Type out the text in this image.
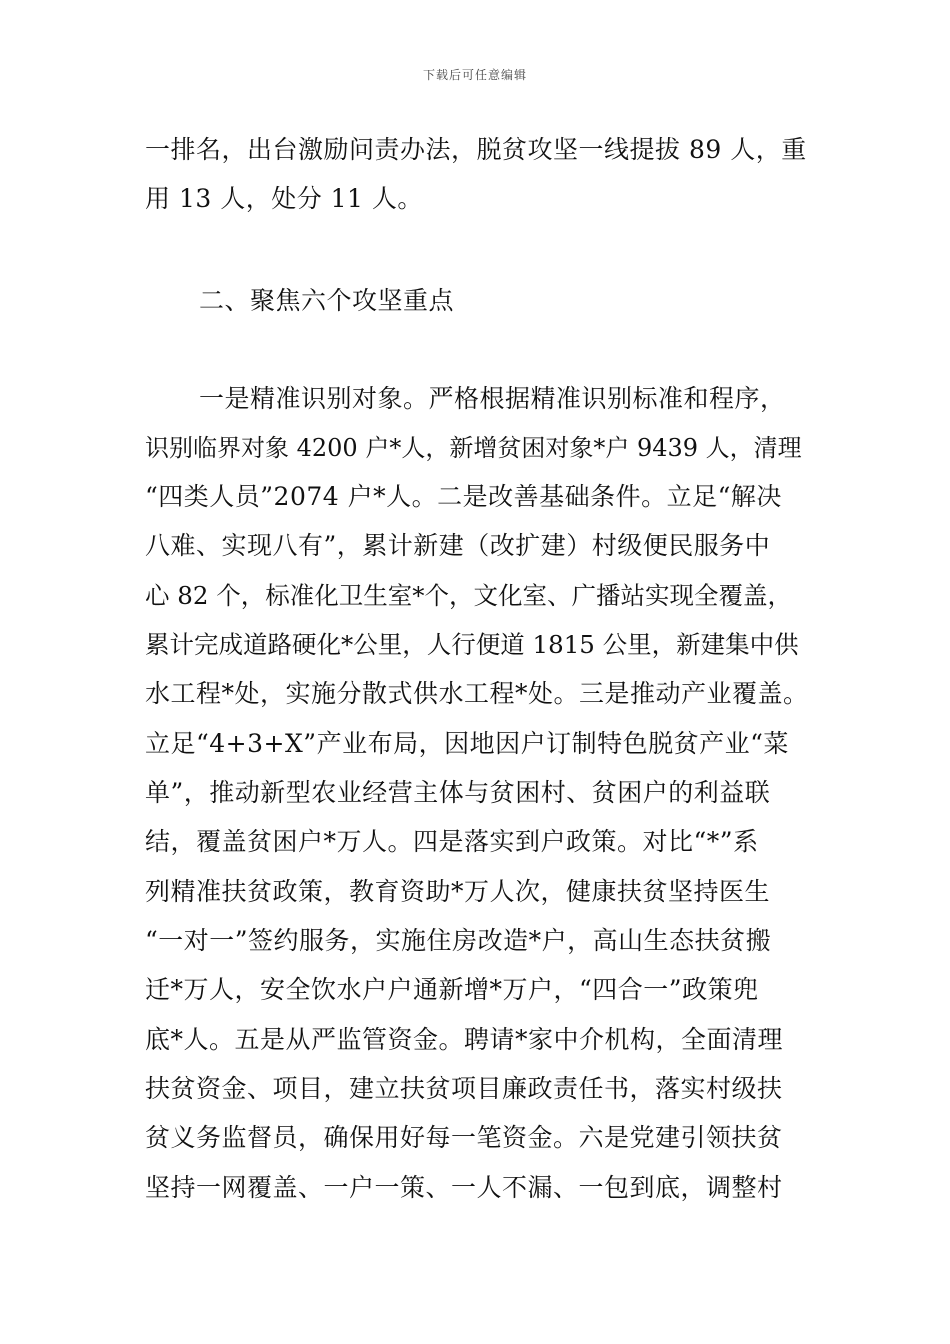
下载后可任意编辑
一排名，出台激励问责办法，脱贫攻坚一线提拔 89 人，重
用 13 人，处分 11 人。
二、聚焦六个攻坚重点
一是精准识别对象。严格根据精准识别标准和程序，
识别临界对象 4200 户*人，新增贫困对象*户 9439 人，清理
“四类人员”2074 户*人。二是改善基础条件。立足“解决
八难、实现八有”，累计新建（改扩建）村级便民服务中
心 82 个，标准化卫生室*个，文化室、广播站实现全覆盖，
累计完成道路硬化*公里，人行便道 1815 公里，新建集中供
水工程*处，实施分散式供水工程*处。三是推动产业覆盖。
立足“4+3+X”产业布局，因地因户订制特色脱贫产业“菜
单”，推动新型农业经营主体与贫困村、贫困户的利益联
结，覆盖贫困户*万人。四是落实到户政策。对比“*”系
列精准扶贫政策，教育资助*万人次，健康扶贫坚持医生
“一对一”签约服务，实施住房改造*户，高山生态扶贫搬
迁*万人，安全饮水户户通新增*万户，“四合一”政策兜
底*人。五是从严监管资金。聘请*家中介机构，全面清理
扶贫资金、项目，建立扶贫项目廉政责任书，落实村级扶
贫义务监督员，确保用好每一笔资金。六是党建引领扶贫
坚持一网覆盖、一户一策、一人不漏、一包到底，调整村
